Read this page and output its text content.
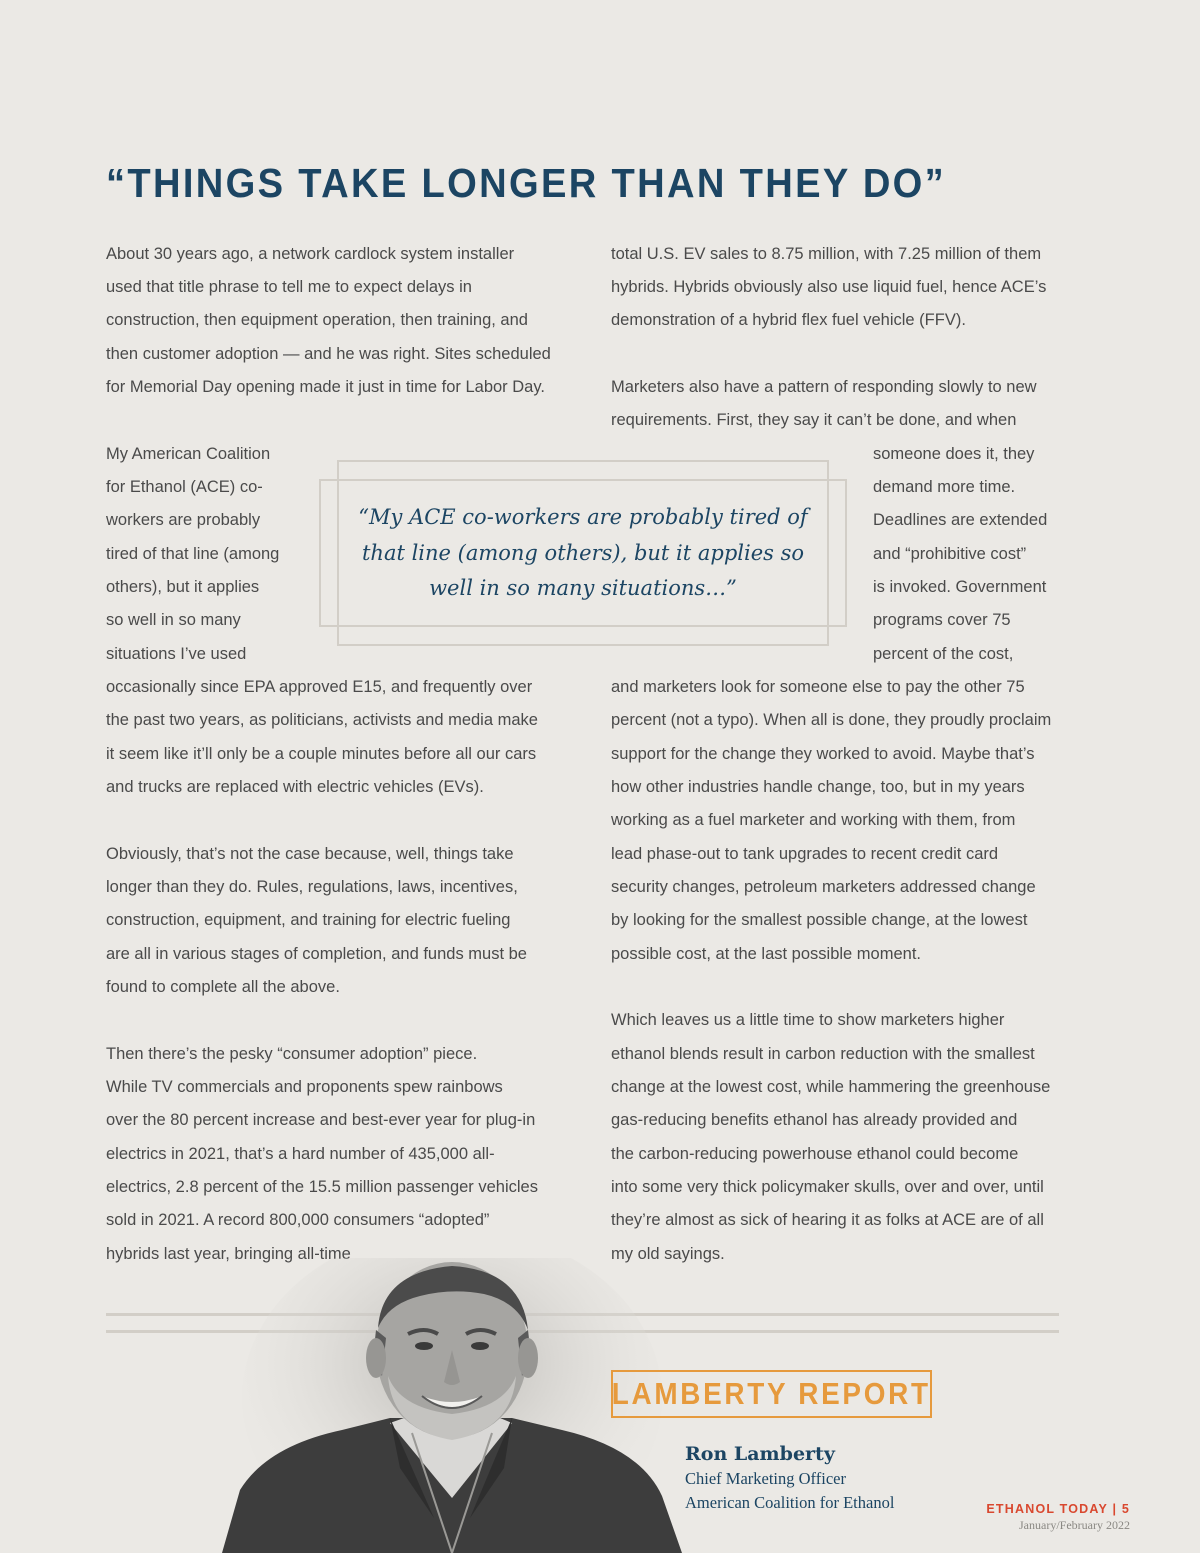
“THINGS TAKE LONGER THAN THEY DO”

About 30 years ago, a network cardlock system installer

used that title phrase to tell me to expect delays in

construction, then equipment operation, then training, and

then customer adoption — and he was right. Sites scheduled

for Memorial Day opening made it just in time for Labor Day.

My American Coalition

for Ethanol (ACE) co-

workers are probably

tired of that line (among

others), but it applies

so well in so many

situations I’ve used

occasionally since EPA approved E15, and frequently over

the past two years, as politicians, activists and media make

it seem like it’ll only be a couple minutes before all our cars

and trucks are replaced with electric vehicles (EVs).

Obviously, that’s not the case because, well, things take

longer than they do. Rules, regulations, laws, incentives,

construction, equipment, and training for electric fueling

are all in various stages of completion, and funds must be

found to complete all the above.

Then there’s the pesky “consumer adoption” piece.

While TV commercials and proponents spew rainbows

over the 80 percent increase and best-ever year for plug-in

electrics in 2021, that’s a hard number of 435,000 all-

electrics, 2.8 percent of the 15.5 million passenger vehicles

sold in 2021. A record 800,000 consumers “adopted”

hybrids last year, bringing all-time

total U.S. EV sales to 8.75 million, with 7.25 million of them

hybrids. Hybrids obviously also use liquid fuel, hence ACE’s

demonstration of a hybrid flex fuel vehicle (FFV).

Marketers also have a pattern of responding slowly to new

requirements. First, they say it can’t be done, and when

someone does it, they

demand more time.

Deadlines are extended

and “prohibitive cost”

is invoked. Government

programs cover 75

percent of the cost,

and marketers look for someone else to pay the other 75

percent (not a typo). When all is done, they proudly proclaim

support for the change they worked to avoid. Maybe that’s

how other industries handle change, too, but in my years

working as a fuel marketer and working with them, from

lead phase-out to tank upgrades to recent credit card

security changes, petroleum marketers addressed change

by looking for the smallest possible change, at the lowest

possible cost, at the last possible moment.

Which leaves us a little time to show marketers higher

ethanol blends result in carbon reduction with the smallest

change at the lowest cost, while hammering the greenhouse

gas-reducing benefits ethanol has already provided and

the carbon-reducing powerhouse ethanol could become

into some very thick policymaker skulls, over and over, until

they’re almost as sick of hearing it as folks at ACE are of all

my old sayings.

“My ACE co-workers are probably tired of that line (among others), but it applies so well in so many situations…”

LAMBERTY REPORT

Ron Lamberty

Chief Marketing Officer

American Coalition for Ethanol	ETHANOL TODAY | 5

January/February 2022
